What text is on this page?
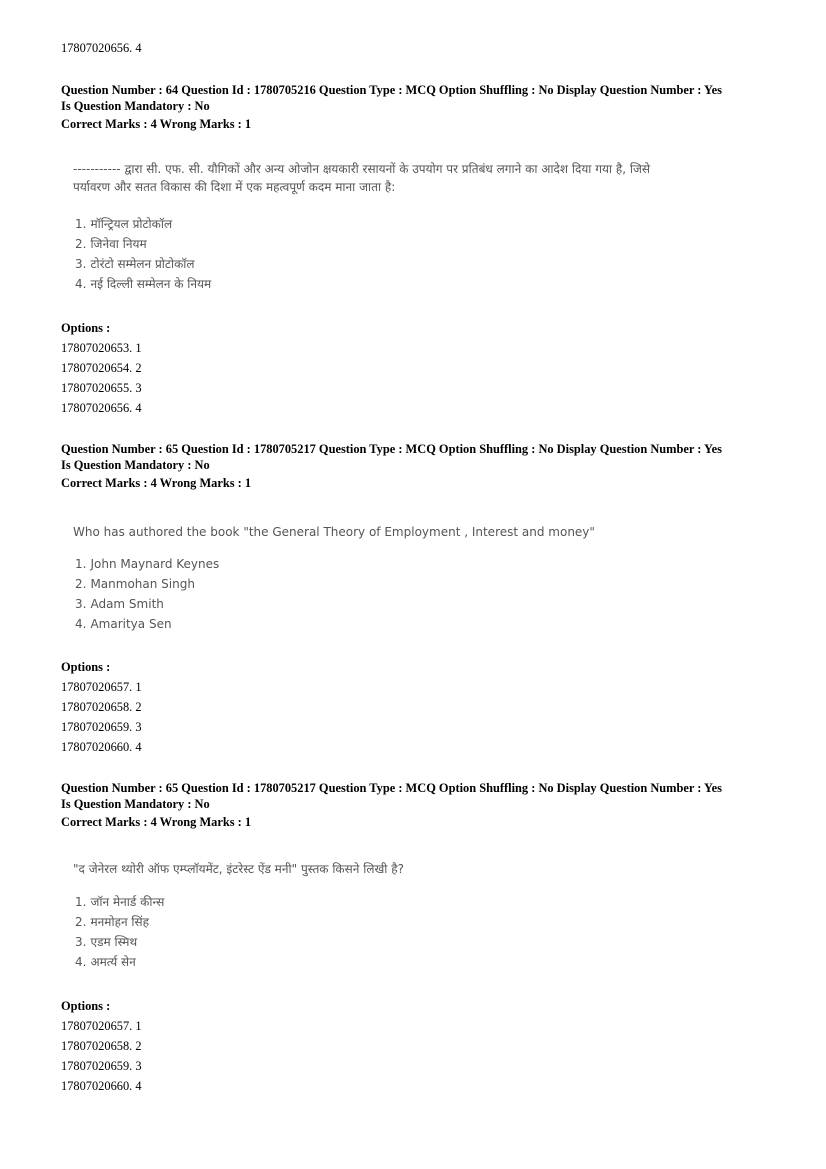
17807020656. 4
Question Number : 64 Question Id : 1780705216 Question Type : MCQ Option Shuffling : No Display Question Number : Yes
Is Question Mandatory : No
Correct Marks : 4 Wrong Marks : 1
----------- द्वारा सी. एफ. सी. यौगिकों और अन्य ओजोन क्षयकारी रसायनों के उपयोग पर प्रतिबंध लगाने का आदेश दिया गया है, जिसे
पर्यावरण और सतत विकास की दिशा में एक महत्वपूर्ण कदम माना जाता है:
1. मॉन्ट्रियल प्रोटोकॉल
2. जिनेवा नियम
3. टोरंटो सम्मेलन प्रोटोकॉल
4. नई दिल्ली सम्मेलन के नियम
Options :
17807020653. 1
17807020654. 2
17807020655. 3
17807020656. 4
Question Number : 65 Question Id : 1780705217 Question Type : MCQ Option Shuffling : No Display Question Number : Yes
Is Question Mandatory : No
Correct Marks : 4 Wrong Marks : 1
Who has authored the book "the General Theory of Employment , Interest and money"
1. John Maynard Keynes
2. Manmohan Singh
3. Adam Smith
4. Amaritya Sen
Options :
17807020657. 1
17807020658. 2
17807020659. 3
17807020660. 4
Question Number : 65 Question Id : 1780705217 Question Type : MCQ Option Shuffling : No Display Question Number : Yes
Is Question Mandatory : No
Correct Marks : 4 Wrong Marks : 1
"द जेनेरल थ्योरी ऑफ एम्प्लॉयमेंट, इंटरेस्ट ऐंड मनी" पुस्तक किसने लिखी है?
1. जॉन मेनार्ड कीन्स
2. मनमोहन सिंह
3. एडम स्मिथ
4. अमर्त्य सेन
Options :
17807020657. 1
17807020658. 2
17807020659. 3
17807020660. 4
